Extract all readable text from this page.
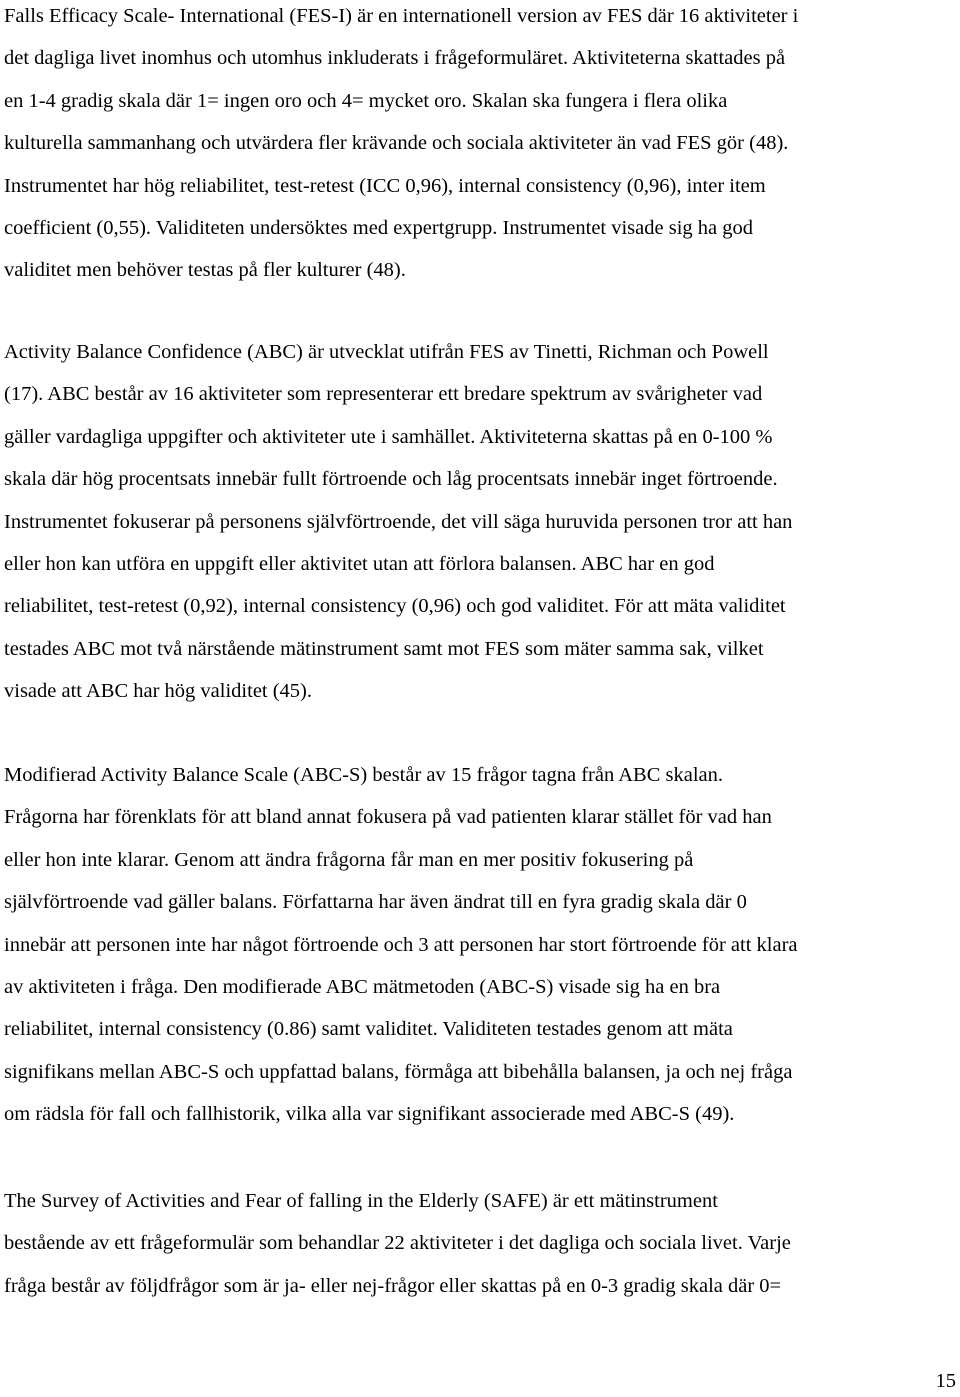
Falls Efficacy Scale- International (FES-I) är en internationell version av FES där 16 aktiviteter i
det dagliga livet inomhus och utomhus inkluderats i frågeformuläret. Aktiviteterna skattades på
en 1-4 gradig skala där 1= ingen oro och 4= mycket oro. Skalan ska fungera i flera olika
kulturella sammanhang och utvärdera fler krävande och sociala aktiviteter än vad FES gör (48).
Instrumentet har hög reliabilitet, test-retest (ICC 0,96), internal consistency (0,96), inter item
coefficient (0,55). Validiteten undersöktes med expertgrupp. Instrumentet visade sig ha god
validitet men behöver testas på fler kulturer (48).
Activity Balance Confidence (ABC) är utvecklat utifrån FES av Tinetti, Richman och Powell
(17). ABC består av 16 aktiviteter som representerar ett bredare spektrum av svårigheter vad
gäller vardagliga uppgifter och aktiviteter ute i samhället. Aktiviteterna skattas på en 0-100 %
skala där hög procentsats innebär fullt förtroende och låg procentsats innebär inget förtroende.
Instrumentet fokuserar på personens självförtroende, det vill säga huruvida personen tror att han
eller hon kan utföra en uppgift eller aktivitet utan att förlora balansen. ABC har en god
reliabilitet, test-retest (0,92), internal consistency (0,96) och god validitet. För att mäta validitet
testades ABC mot två närstående mätinstrument samt mot FES som mäter samma sak, vilket
visade att ABC har hög validitet (45).
Modifierad Activity Balance Scale (ABC-S) består av 15 frågor tagna från ABC skalan.
Frågorna har förenklats för att bland annat fokusera på vad patienten klarar stället för vad han
eller hon inte klarar. Genom att ändra frågorna får man en mer positiv fokusering på
självförtroende vad gäller balans. Författarna har även ändrat till en fyra gradig skala där 0
innebär att personen inte har något förtroende och 3 att personen har stort förtroende för att klara
av aktiviteten i fråga. Den modifierade ABC mätmetoden (ABC-S) visade sig ha en bra
reliabilitet, internal consistency (0.86) samt validitet. Validiteten testades genom att mäta
signifikans mellan ABC-S och uppfattad balans, förmåga att bibehålla balansen, ja och nej fråga
om rädsla för fall och fallhistorik, vilka alla var signifikant associerade med ABC-S (49).
The Survey of Activities and Fear of falling in the Elderly (SAFE) är ett mätinstrument
bestående av ett frågeformulär som behandlar 22 aktiviteter i det dagliga och sociala livet. Varje
fråga består av följdfrågor som är ja- eller nej-frågor eller skattas på en 0-3 gradig skala där 0=
15
